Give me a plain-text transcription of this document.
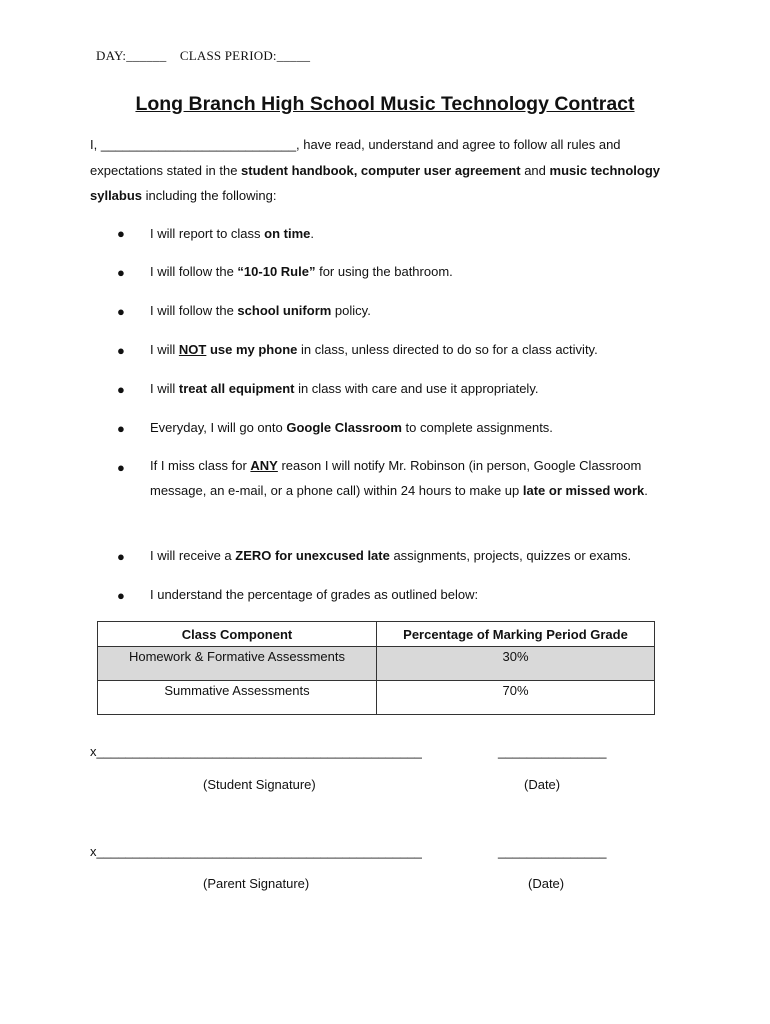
DAY:______ CLASS PERIOD:_____
Long Branch High School Music Technology Contract
I, ___________________________, have read, understand and agree to follow all rules and expectations stated in the student handbook, computer user agreement and music technology syllabus including the following:
● I will report to class on time.
● I will follow the “10-10 Rule” for using the bathroom.
● I will follow the school uniform policy.
● I will NOT use my phone in class, unless directed to do so for a class activity.
● I will treat all equipment in class with care and use it appropriately.
● Everyday, I will go onto Google Classroom to complete assignments.
● If I miss class for ANY reason I will notify Mr. Robinson (in person, Google Classroom message, an e-mail, or a phone call) within 24 hours to make up late or missed work.
● I will receive a ZERO for unexcused late assignments, projects, quizzes or exams.
● I understand the percentage of grades as outlined below:
Class Component	Percentage of Marking Period Grade
Homework & Formative Assessments	30%
Summative Assessments	70%
x_____________________________________________	_______________
(Student Signature)	(Date)
x_____________________________________________	_______________
(Parent Signature)	(Date)
